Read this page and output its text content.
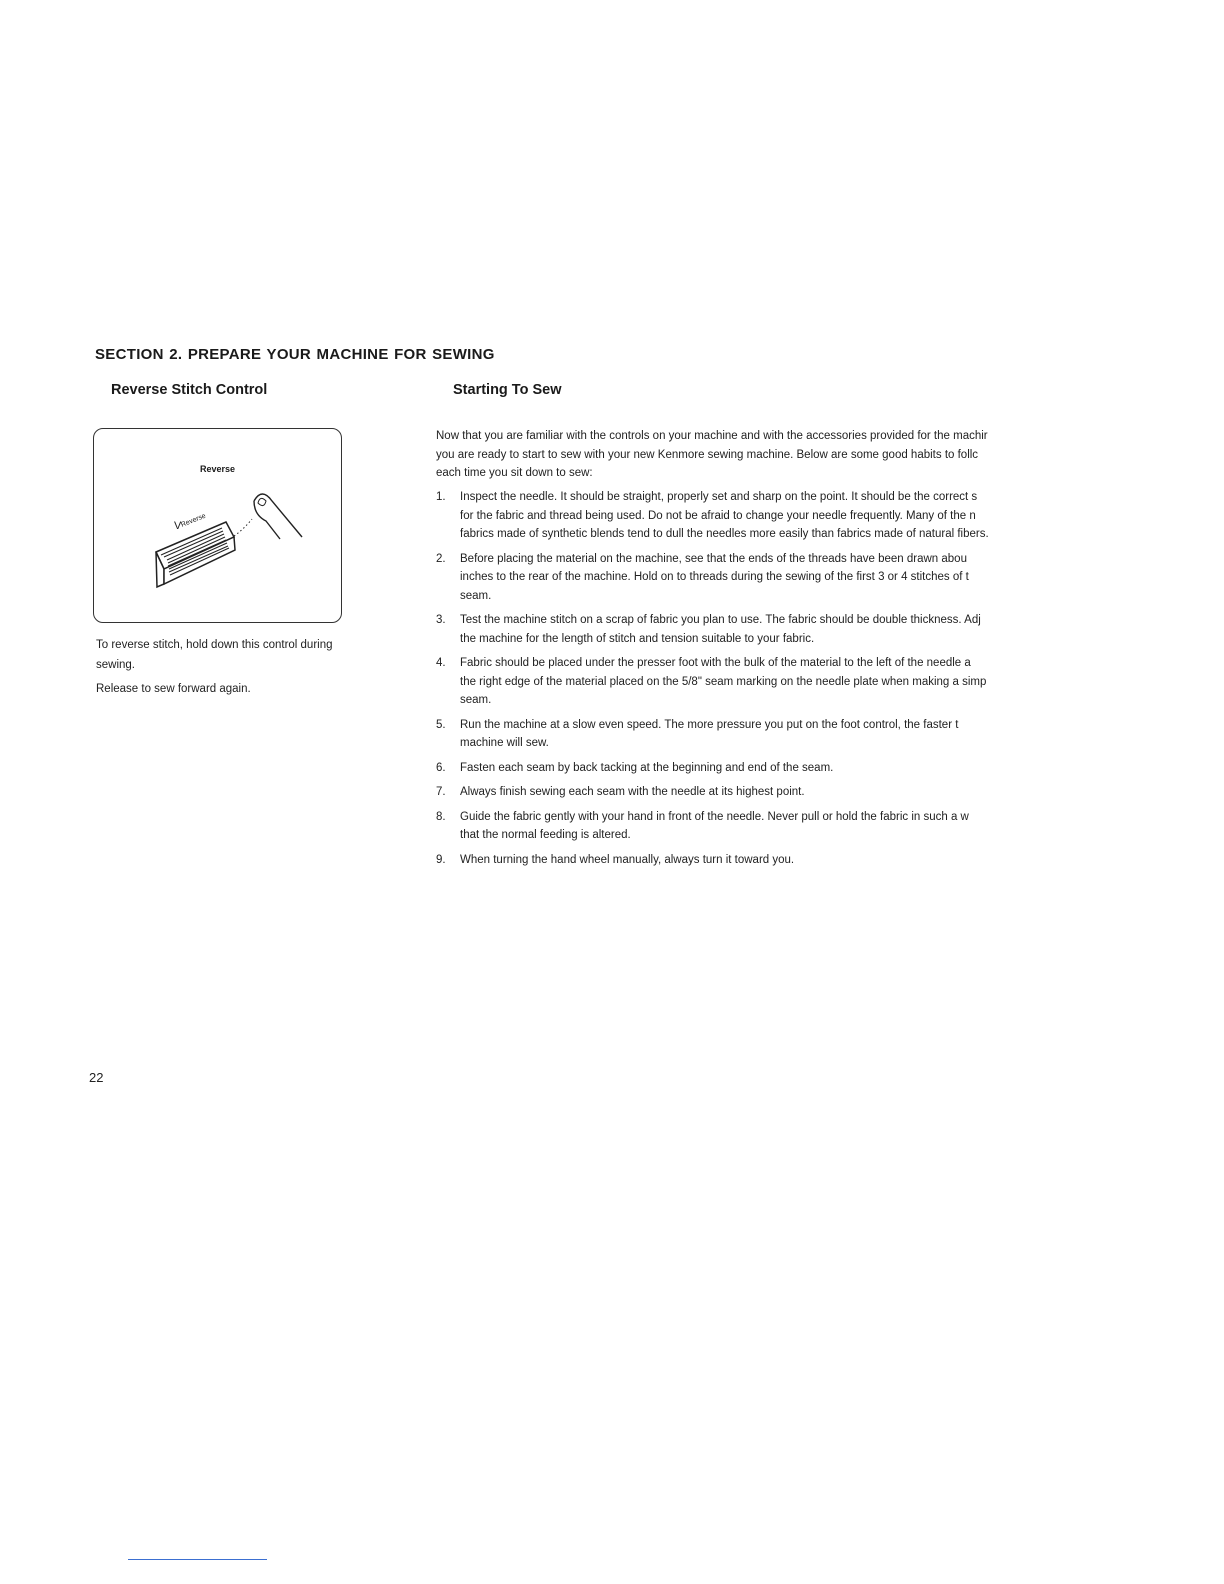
SECTION 2. PREPARE YOUR MACHINE FOR SEWING
Reverse Stitch Control	Starting To Sew
Reverse
V
Reverse

To reverse stitch, hold down this control during sewing.

Release to sew forward again.

Now that you are familiar with the controls on your machine and with the accessories provided for the machir
you are ready to start to sew with your new Kenmore sewing machine. Below are some good habits to follc
each time you sit down to sew:
1. Inspect the needle. It should be straight, properly set and sharp on the point. It should be the correct s
for the fabric and thread being used. Do not be afraid to change your needle frequently. Many of the n
fabrics made of synthetic blends tend to dull the needles more easily than fabrics made of natural fibers.
2. Before placing the material on the machine, see that the ends of the threads have been drawn abou
inches to the rear of the machine. Hold on to threads during the sewing of the first 3 or 4 stitches of t
seam.
3. Test the machine stitch on a scrap of fabric you plan to use. The fabric should be double thickness. Adj
the machine for the length of stitch and tension suitable to your fabric.
4. Fabric should be placed under the presser foot with the bulk of the material to the left of the needle a
the right edge of the material placed on the 5/8" seam marking on the needle plate when making a simp
seam.
5. Run the machine at a slow even speed. The more pressure you put on the foot control, the faster t
machine will sew.
6. Fasten each seam by back tacking at the beginning and end of the seam.
7. Always finish sewing each seam with the needle at its highest point.
8. Guide the fabric gently with your hand in front of the needle. Never pull or hold the fabric in such a w
that the normal feeding is altered.
9. When turning the hand wheel manually, always turn it toward you.
22
